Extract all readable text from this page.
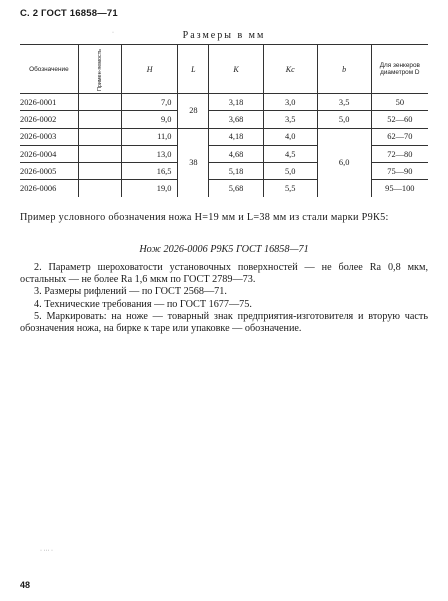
С. 2 ГОСТ 16858—71
Размеры в мм
Обозначение	Примен-яемость	H	L	K	Kc	b	Для зенкеров диаметром D
2026-0001		7,0	28	3,18	3,0	3,5	50
2026-0002		9,0		3,68	3,5	5,0	52—60
2026-0003		11,0	38	4,18	4,0	6,0	62—70
2026-0004		13,0		4,68	4,5		72—80
2026-0005		16,5		5,18	5,0		75—90
2026-0006		19,0		5,68	5,5		95—100
Пример условного обозначения ножа H=19 мм и L=38 мм из стали марки Р9К5:
Нож 2026-0006 Р9К5 ГОСТ 16858—71

2. Параметр шероховатости установочных поверхностей — не более Ra 0,8 мкм, остальных — не более Ra 1,6 мкм по ГОСТ 2789—73.

3. Размеры рифлений — по ГОСТ 2568—71.

4. Технические требования — по ГОСТ 1677—75.

5. Маркировать: на ноже — товарный знак предприятия-изготовителя и вторую часть обозначения ножа, на бирке к таре или упаковке — обозначение.

· ··· ·
·
48
